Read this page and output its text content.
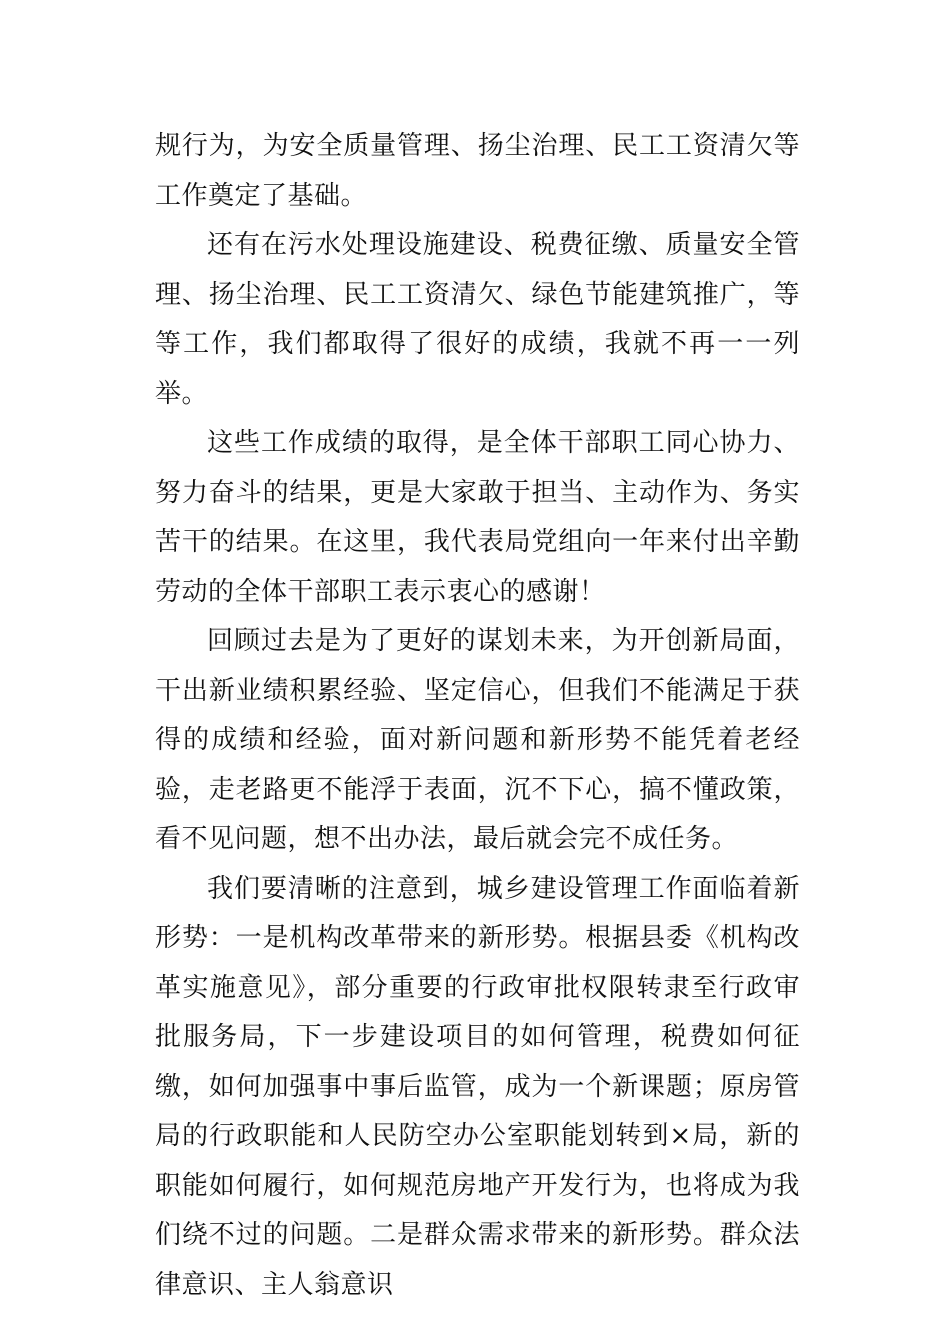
规行为，为安全质量管理、扬尘治理、民工工资清欠等工作奠定了基础。

还有在污水处理设施建设、税费征缴、质量安全管理、扬尘治理、民工工资清欠、绿色节能建筑推广，等等工作，我们都取得了很好的成绩，我就不再一一列举。

这些工作成绩的取得，是全体干部职工同心协力、努力奋斗的结果，更是大家敢于担当、主动作为、务实苦干的结果。在这里，我代表局党组向一年来付出辛勤劳动的全体干部职工表示衷心的感谢！

回顾过去是为了更好的谋划未来，为开创新局面，干出新业绩积累经验、坚定信心，但我们不能满足于获得的成绩和经验，面对新问题和新形势不能凭着老经验，走老路更不能浮于表面，沉不下心，搞不懂政策，看不见问题，想不出办法，最后就会完不成任务。

我们要清晰的注意到，城乡建设管理工作面临着新形势：一是机构改革带来的新形势。根据县委《机构改革实施意见》，部分重要的行政审批权限转隶至行政审批服务局，下一步建设项目的如何管理，税费如何征缴，如何加强事中事后监管，成为一个新课题；原房管局的行政职能和人民防空办公室职能划转到×局，新的职能如何履行，如何规范房地产开发行为，也将成为我们绕不过的问题。二是群众需求带来的新形势。群众法律意识、主人翁意识
